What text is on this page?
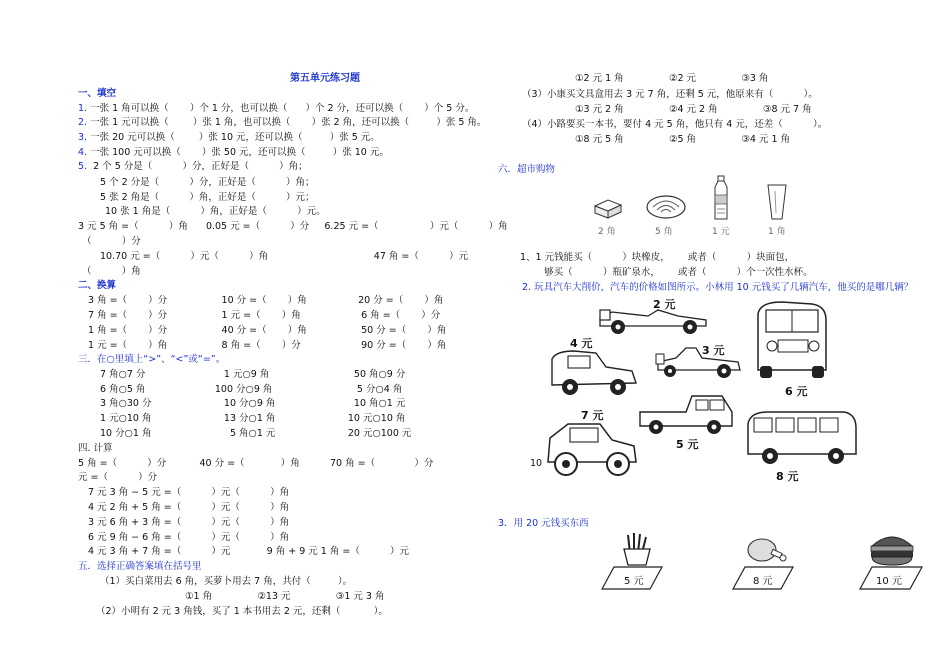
第五单元练习题
一、填空
1. 一张 1 角可以换（       ）个 1 分，也可以换（      ）个 2 分，还可以换（       ）个 5 分。
2. 一张 1 元可以换（        ）张 1 角，也可以换（       ）张 2 角，还可以换（         ）张 5 角。
3. 一张 20 元可以换（        ）张 10 元，还可以换（         ）张 5 元。
4. 一张 100 元可以换（       ）张 50 元，还可以换（         ）张 10 元。
5.  2 个 5 分是（          ）分，正好是（          ）角；
5 个 2 分是（          ）分，正好是（          ）角；
5 张 2 角是（          ）角，正好是（          ）元；
10 张 1 角是（          ）角，正好是（          ）元。
3 元 5 角 =（          ）角      0.05 元 =（          ）分     6.25 元 =（                 ）元（          ）角
（          ）分
10.70 元 =（          ）元（          ）角                                   47 角 =（          ）元
（          ）角
二、换算
3 角 =（       ）分                  10 分 =（       ）角                 20 分 =（       ）角
7 角 =（       ）分                  1 元 =（       ）角                    6 角 =（       ）分
1 角 =（       ）分                  40 分 =（       ）角                  50 分 =（       ）角
1 元 =（       ）角                  8 角 =（       ）分                    90 分 =（       ）角
三．在○里填上“>”、“<”或“=”。
7 角○7 分                          1 元○9 角                            50 角○9 分
6 角○5 角                       100 分○9 角                            5 分○4 角
3 角○30 分                        10 分○9 角                          10 角○1 元
1 元○10 角                        13 分○1 角                        10 元○10 角
10 分○1 角                          5 角○1 元                        20 元○100 元
四. 计算
5 角 =（          ）分           40 分 =（            ）角          70 角 =（             ）分                                10
元 =（          ）分
7 元 3 角 − 5 元 =（          ）元（          ）角
4 元 2 角 + 5 角 =（          ）元（          ）角
3 元 6 角 + 3 角 =（          ）元（          ）角
6 元 9 角 − 6 角 =（          ）元（          ）角
4 元 3 角 + 7 角 =（          ）元            9 角 + 9 元 1 角 =（          ）元
五．选择正确答案填在括号里
（1）买白菜用去 6 角，买萝卜用去 7 角，共付（         ）。
①1 角               ②13 元               ③1 元 3 角
（2）小明有 2 元 3 角钱，买了 1 本书用去 2 元，还剩（           ）。
①2 元 1 角               ②2 元               ③3 角
（3）小康买文具盒用去 3 元 7 角，还剩 5 元，他原来有（          ）。
①3 元 2 角               ②4 元 2 角               ③8 元 7 角
（4）小路要买一本书，要付 4 元 5 角，他只有 4 元，还差（          ）。
①8 元 5 角               ②5 角               ③4 元 1 角
六．超市购物
2 角	5 角	1 元	1 角
1、1 元钱能买（          ）块橡皮，      或者（          ）块面包，
够买（          ）瓶矿泉水，      或者（          ）个一次性水杯。
2. 玩具汽车大削价，汽车的价格如图所示。小林用 10 元钱买了几辆汽车，他买的是哪几辆？
2 元
4 元
3 元
6 元
7 元
5 元
8 元
3．用 20 元钱买东西
5 元	8 元	10 元
